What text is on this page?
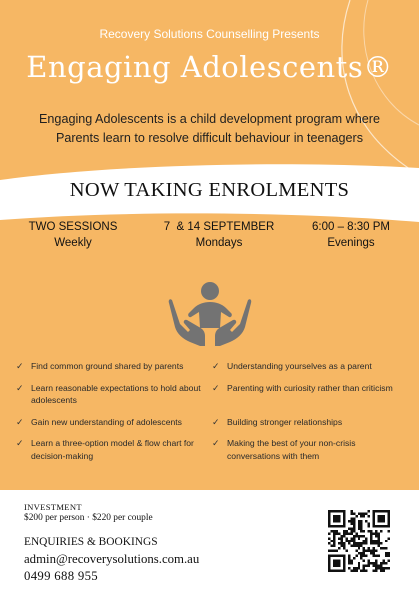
Recovery Solutions Counselling Presents
Engaging Adolescents®
Engaging Adolescents is a child development program where
Parents learn to resolve difficult behaviour in teenagers
NOW TAKING ENROLMENTS
TWO SESSIONS
Weekly
7  & 14 SEPTEMBER
Mondays
6:00 – 8:30 PM
Evenings
✓ Find common ground shared by parents	✓ Understanding yourselves as a parent
✓ Learn reasonable expectations to hold about adolescents
✓ Parenting with curiosity rather than criticism
✓ Gain new understanding of adolescents	✓ Building stronger relationships
✓ Learn a three-option model & flow chart for decision-making
✓ Making the best of your non-crisis conversations with them
INVESTMENT
$200 per person · $220 per couple
ENQUIRIES & BOOKINGS
admin@recoverysolutions.com.au
0499 688 955
